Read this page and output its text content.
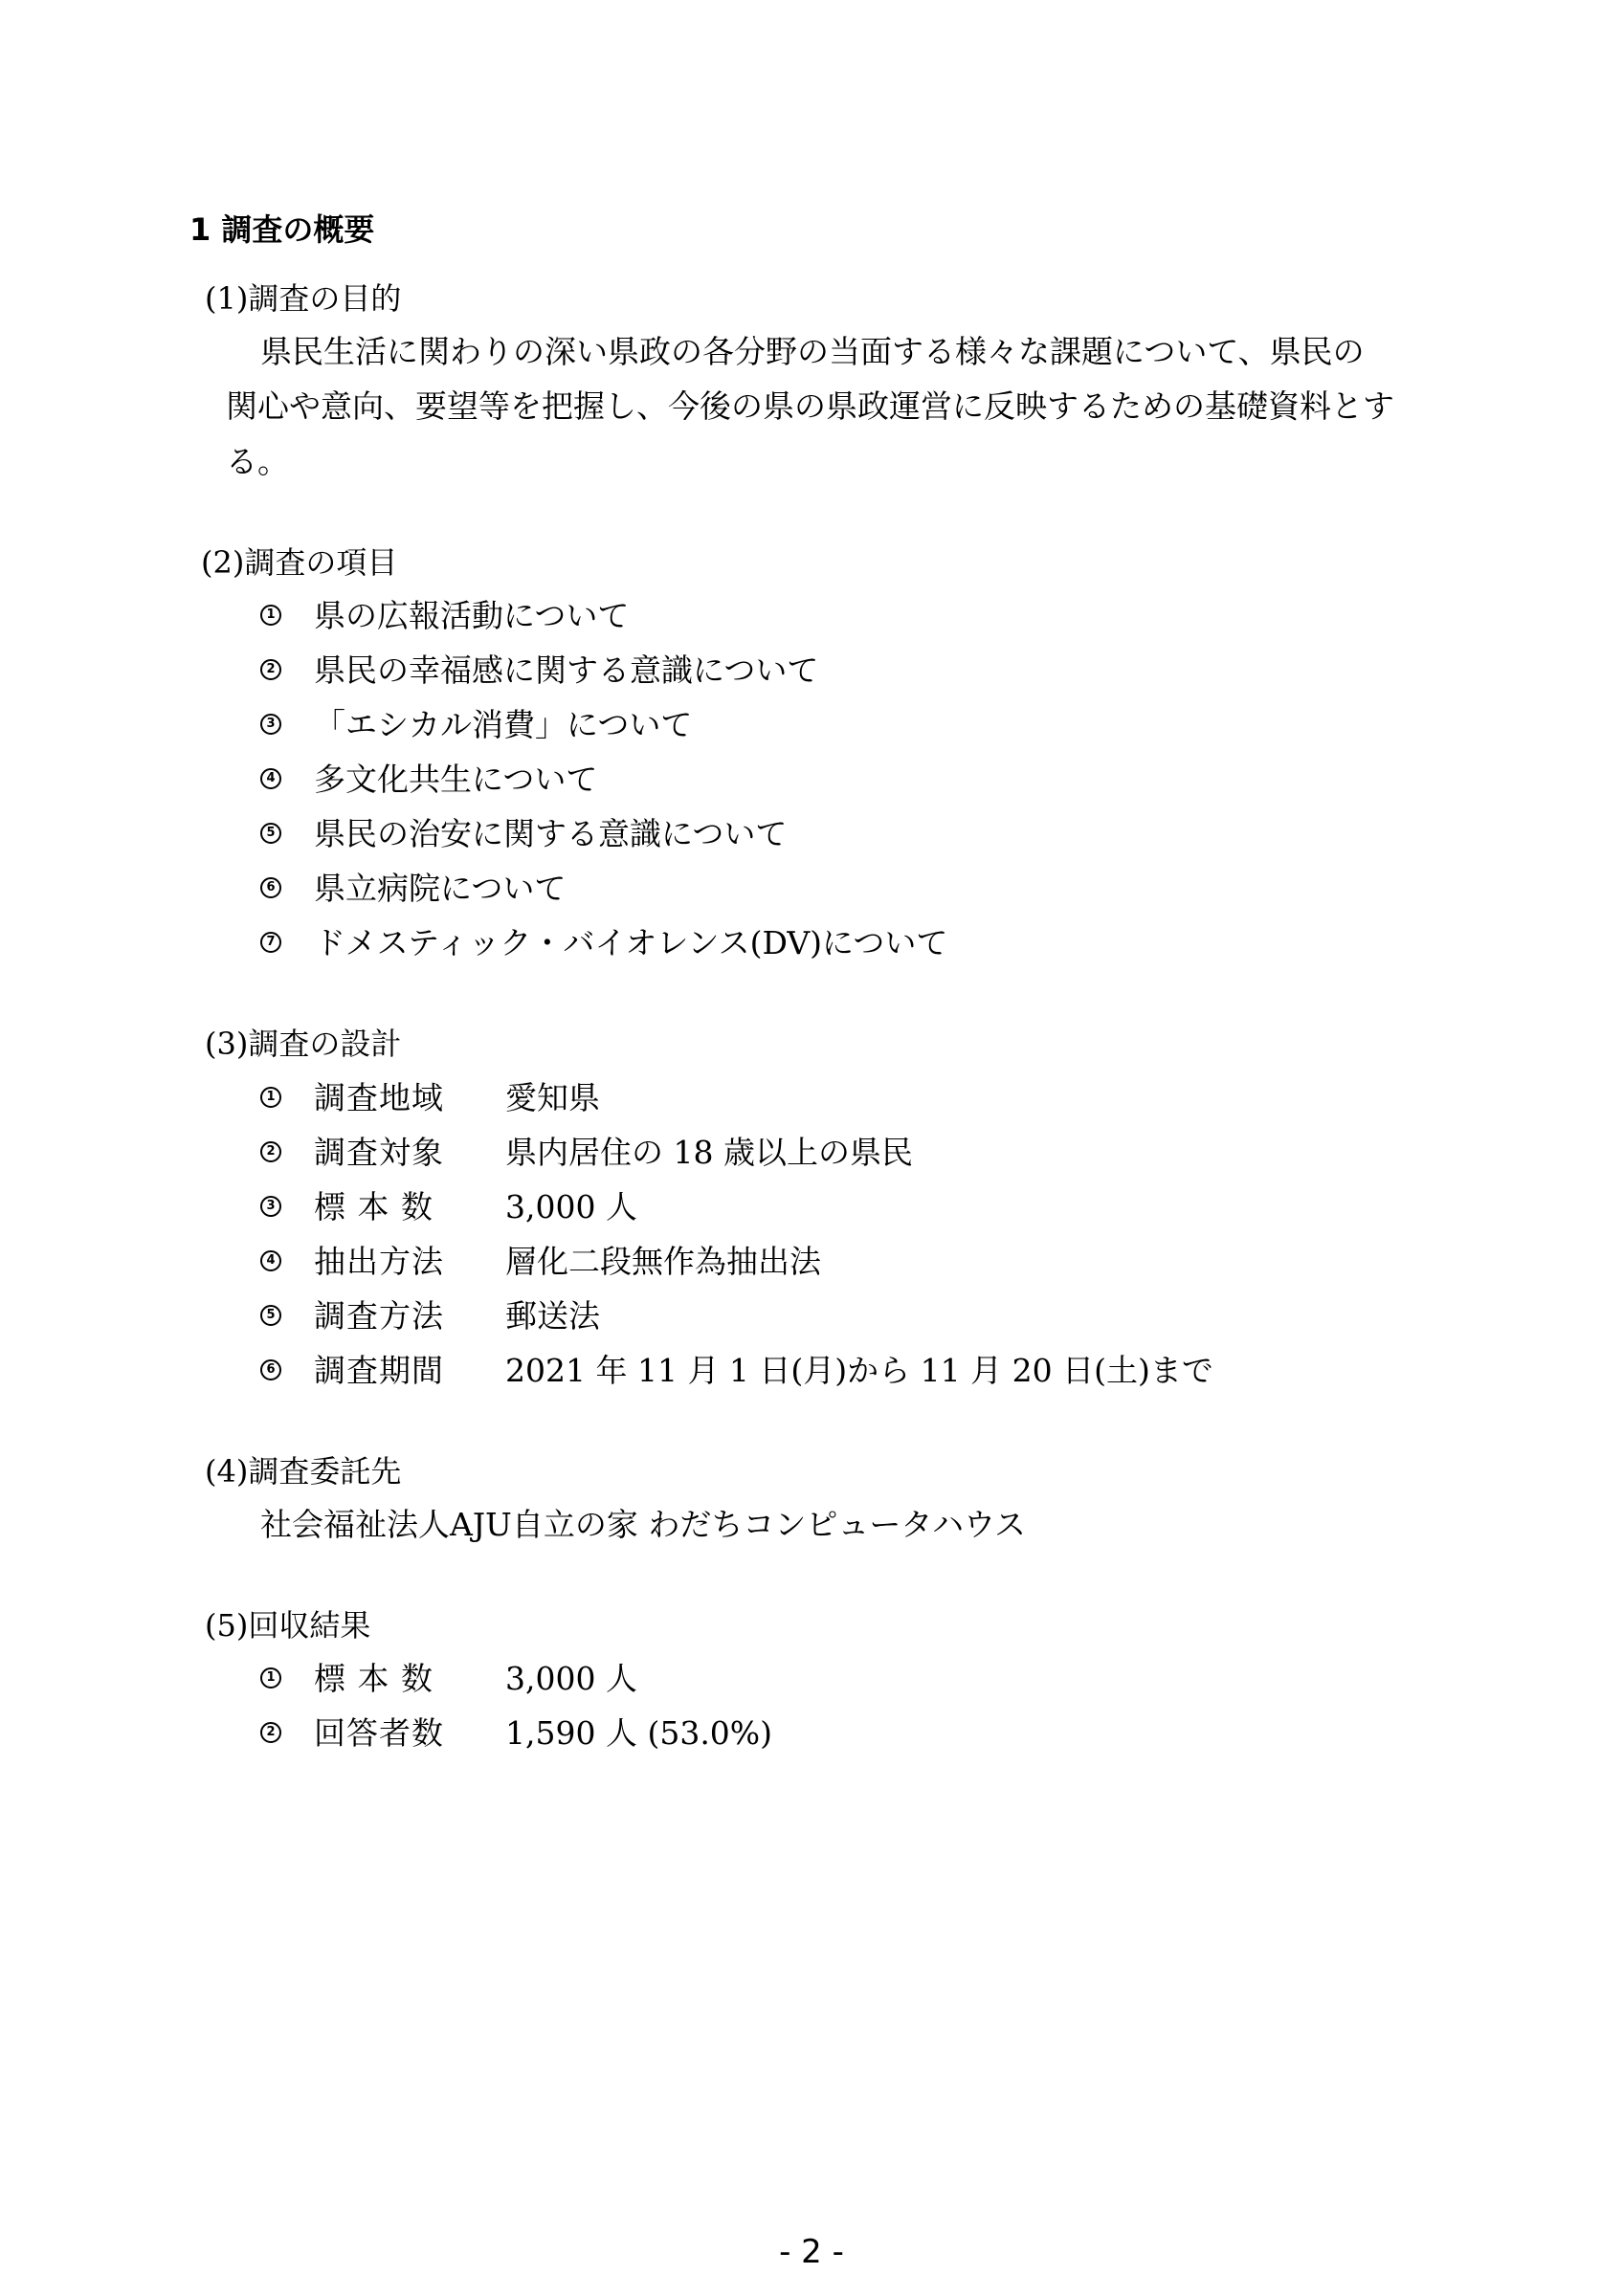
1 調査の概要
(1)調査の目的
県民生活に関わりの深い県政の各分野の当面する様々な課題について、県民の
関心や意向、要望等を把握し、今後の県の県政運営に反映するための基礎資料とす
る。
(2)調査の項目
1 県の広報活動について
2 県民の幸福感に関する意識について
3 「エシカル消費」について
4 多文化共生について
5 県民の治安に関する意識について
6 県立病院について
7 ドメスティック・バイオレンス(DV)について
(3)調査の設計
1 調査地域 愛知県
2 調査対象 県内居住の 18 歳以上の県民
3 標 本 数 3,000 人
4 抽出方法 層化二段無作為抽出法
5 調査方法 郵送法
6 調査期間 2021 年 11 月 1 日(月)から 11 月 20 日(土)まで
(4)調査委託先
社会福祉法人AJU自立の家 わだちコンピュータハウス
(5)回収結果
1 標 本 数 3,000 人
2 回答者数 1,590 人 (53.0%)
- 2 -
